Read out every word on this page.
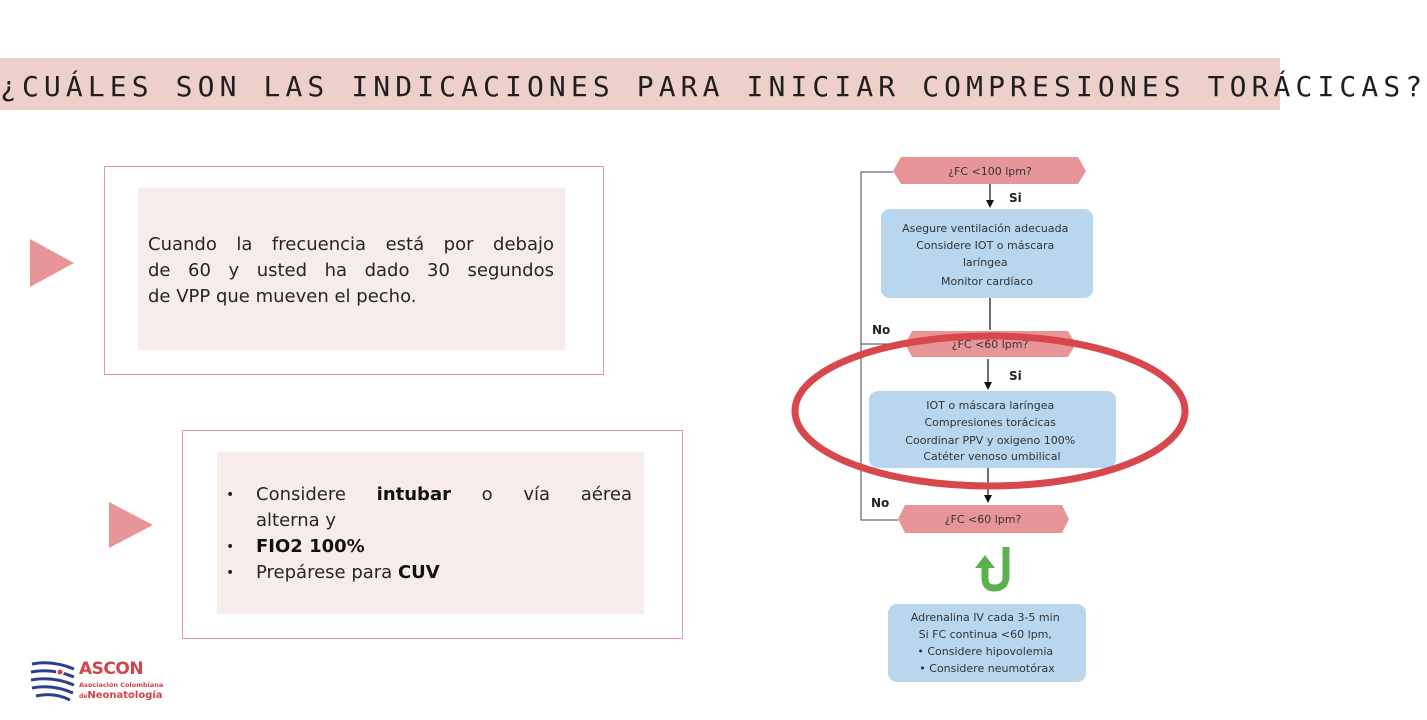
¿CUÁLES SON LAS INDICACIONES PARA INICIAR COMPRESIONES TORÁCICAS?
Cuando la frecuencia está por debajo
de 60 y usted ha dado 30 segundos
de VPP que mueven el pecho.
• Considere intubar o vía aérea
alterna y
• FIO2 100%
• Prepárese para CUV
¿FC <100 lpm?
Si
Asegure ventilación adecuada Considere IOT o máscara laríngea Monitor cardíaco
No
¿FC <60 lpm?
Si
IOT o máscara laríngea Compresiones torácicas Coordinar PPV y oxigeno 100% Catéter venoso umbilical
No
¿FC <60 lpm?
Adrenalina IV cada 3-5 min Si FC continua <60 lpm, • Considere hipovolemia • Considere neumotórax
ASCON
Asociación Colombiana
deNeonatología
